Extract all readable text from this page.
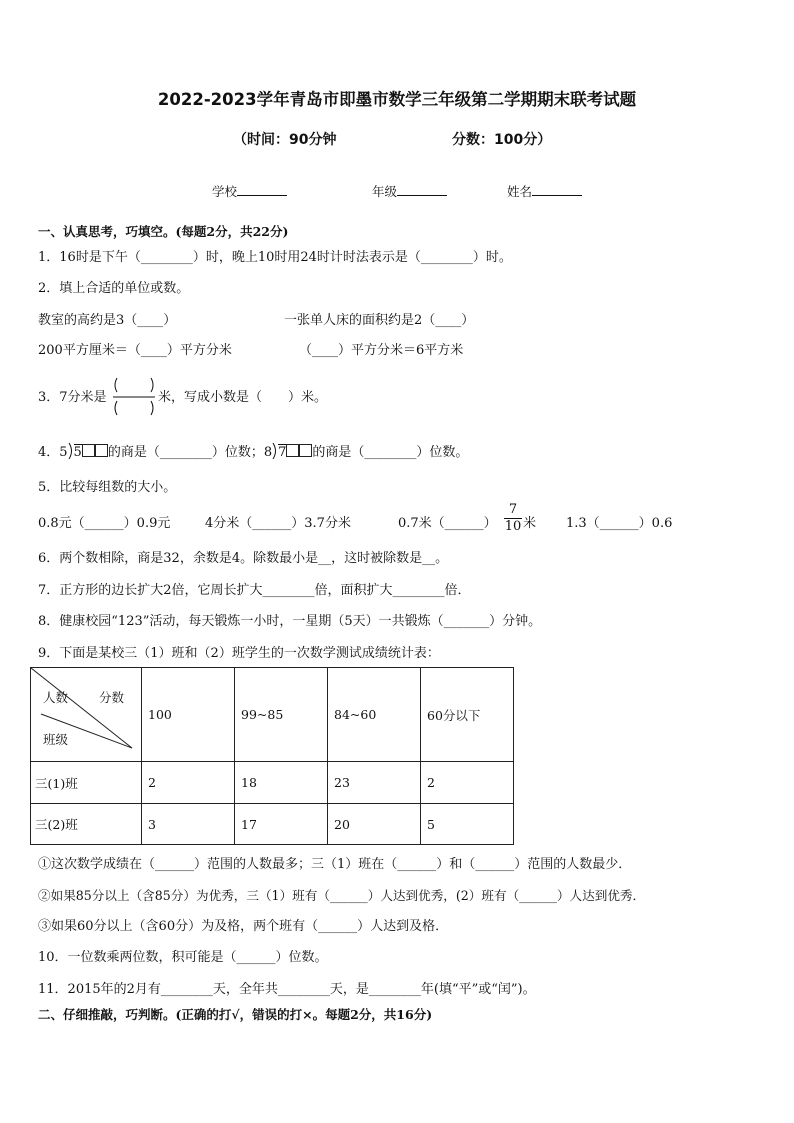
2022-2023学年青岛市即墨市数学三年级第二学期期末联考试题
（时间：90分钟	分数：100分）
学校	年级	姓名
一、认真思考，巧填空。(每题2分，共22分)
1．16时是下午（________）时，晚上10时用24时计时法表示是（________）时。
2．填上合适的单位或数。
教室的高约是3（____）	一张单人床的面积约是2（____）
200平方厘米＝（____）平方分米	（____）平方分米＝6平方米
3．7分米是	米，写成小数是（　　）米。
4．5 5 的商是（________）位数；8 7 的商是（________）位数。
5．比较每组数的大小。
0.8元（______）0.9元	4分米（______）3.7分米	0.7米（______） $\frac{7}{10}$ 米 1.3（______）0.6
6．两个数相除，商是32，余数是4。除数最小是__，这时被除数是__。
7．正方形的边长扩大2倍，它周长扩大________倍，面积扩大________倍．
8．健康校园“123”活动，每天锻炼一小时，一星期（5天）一共锻炼（_______）分钟。
9．下面是某校三（1）班和（2）班学生的一次数学测试成绩统计表：
人数 分数
班级	100	99~85	84~60	60分以下
三(1)班	2	18	23	2
三(2)班	3	17	20	5
①这次数学成绩在（______）范围的人数最多；三（1）班在（______）和（______）范围的人数最少．
②如果85分以上（含85分）为优秀，三（1）班有（______）人达到优秀，(2）班有（______）人达到优秀．
③如果60分以上（含60分）为及格，两个班有（______）人达到及格．
10．一位数乘两位数，积可能是（______）位数。
11．2015年的2月有________天，全年共________天，是________年(填“平”或“闰”)。
二、仔细推敲，巧判断。(正确的打√，错误的打×。每题2分，共16分)
